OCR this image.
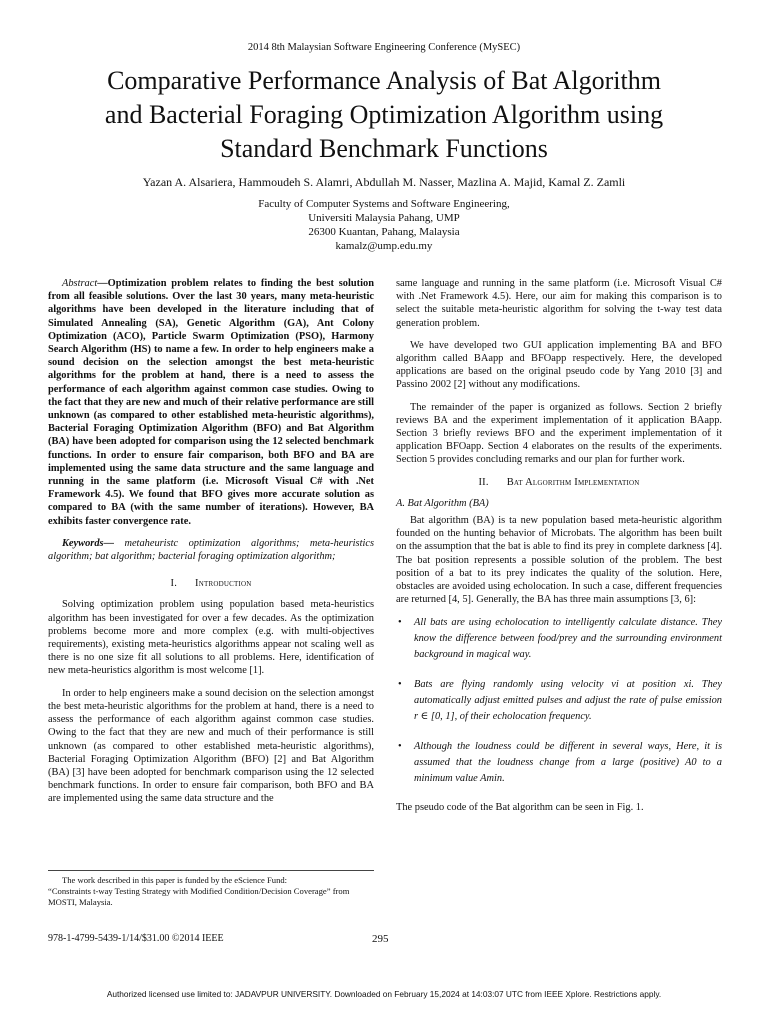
2014 8th Malaysian Software Engineering Conference (MySEC)
Comparative Performance Analysis of Bat Algorithm
and Bacterial Foraging Optimization Algorithm using
Standard Benchmark Functions
Yazan A. Alsariera, Hammoudeh S. Alamri, Abdullah M. Nasser, Mazlina A. Majid, Kamal Z. Zamli
Faculty of Computer Systems and Software Engineering,
Universiti Malaysia Pahang, UMP
26300 Kuantan, Pahang, Malaysia
kamalz@ump.edu.my

Abstract—Optimization problem relates to finding the best solution from all feasible solutions. Over the last 30 years, many meta-heuristic algorithms have been developed in the literature including that of Simulated Annealing (SA), Genetic Algorithm (GA), Ant Colony Optimization (ACO), Particle Swarm Optimization (PSO), Harmony Search Algorithm (HS) to name a few. In order to help engineers make a sound decision on the selection amongst the best meta-heuristic algorithms for the problem at hand, there is a need to assess the performance of each algorithm against common case studies. Owing to the fact that they are new and much of their relative performance are still unknown (as compared to other established meta-heuristic algorithms), Bacterial Foraging Optimization Algorithm (BFO) and Bat Algorithm (BA) have been adopted for comparison using the 12 selected benchmark functions. In order to ensure fair comparison, both BFO and BA are implemented using the same data structure and the same language and running in the same platform (i.e. Microsoft Visual C# with .Net Framework 4.5). We found that BFO gives more accurate solution as compared to BA (with the same number of iterations). However, BA exhibits faster convergence rate.

Keywords— metaheuristc optimization algorithms; meta-heuristics algorithm; bat algorithm; bacterial foraging optimization algorithm;

I. Introduction

Solving optimization problem using population based meta-heuristics algorithm has been investigated for over a few decades. As the optimization problems become more and more complex (e.g. with multi-objectives requirements), existing meta-heuristics algorithms appear not scaling well as there is no one size fit all solutions to all problems. Here, identification of new meta-heuristics algorithm is most welcome [1].

In order to help engineers make a sound decision on the selection amongst the best meta-heuristic algorithms for the problem at hand, there is a need to assess the performance of each algorithm against common case studies. Owing to the fact that they are new and much of their performance is still unknown (as compared to other established meta-heuristic algorithms), Bacterial Foraging Optimization Algorithm (BFO) [2] and Bat Algorithm (BA) [3] have been adopted for benchmark comparison using the 12 selected benchmark functions. In order to ensure fair comparison, both BFO and BA are implemented using the same data structure and the

same language and running in the same platform (i.e. Microsoft Visual C# with .Net Framework 4.5). Here, our aim for making this comparison is to select the suitable meta-heuristic algorithm for solving the t-way test data generation problem.

We have developed two GUI application implementing BA and BFO algorithm called BAapp and BFOapp respectively. Here, the developed applications are based on the original pseudo code by Yang 2010 [3] and Passino 2002 [2] without any modifications.

The remainder of the paper is organized as follows. Section 2 briefly reviews BA and the experiment implementation of it application BAapp. Section 3 briefly reviews BFO and the experiment implementation of it application BFOapp. Section 4 elaborates on the results of the experiments. Section 5 provides concluding remarks and our plan for further work.

II. Bat Algorithm Implementation
A. Bat Algorithm (BA)

Bat algorithm (BA) is ta new population based meta-heuristic algorithm founded on the hunting behavior of Microbats. The algorithm has been built on the assumption that the bat is able to find its prey in complete darkness [4]. The bat position represents a possible solution of the problem. The best position of a bat to its prey indicates the quality of the solution. Here, obstacles are avoided using echolocation. In such a case, different frequencies are returned [4, 5]. Generally, the BA has three main assumptions [3, 6]:

• All bats are using echolocation to intelligently calculate distance. They know the difference between food/prey and the surrounding environment background in magical way.
• Bats are flying randomly using velocity vi at position xi. They automatically adjust emitted pulses and adjust the rate of pulse emission r ∈ [0, 1], of their echolocation frequency.
• Although the loudness could be different in several ways, Here, it is assumed that the loudness change from a large (positive) A0 to a minimum value Amin.

The pseudo code of the Bat algorithm can be seen in Fig. 1.

The work described in this paper is funded by the eScience Fund:
“Constraints t-way Testing Strategy with Modified Condition/Decision Coverage” from MOSTI, Malaysia.
978-1-4799-5439-1/14/$31.00 ©2014 IEEE	295
Authorized licensed use limited to: JADAVPUR UNIVERSITY. Downloaded on February 15,2024 at 14:03:07 UTC from IEEE Xplore. Restrictions apply.
